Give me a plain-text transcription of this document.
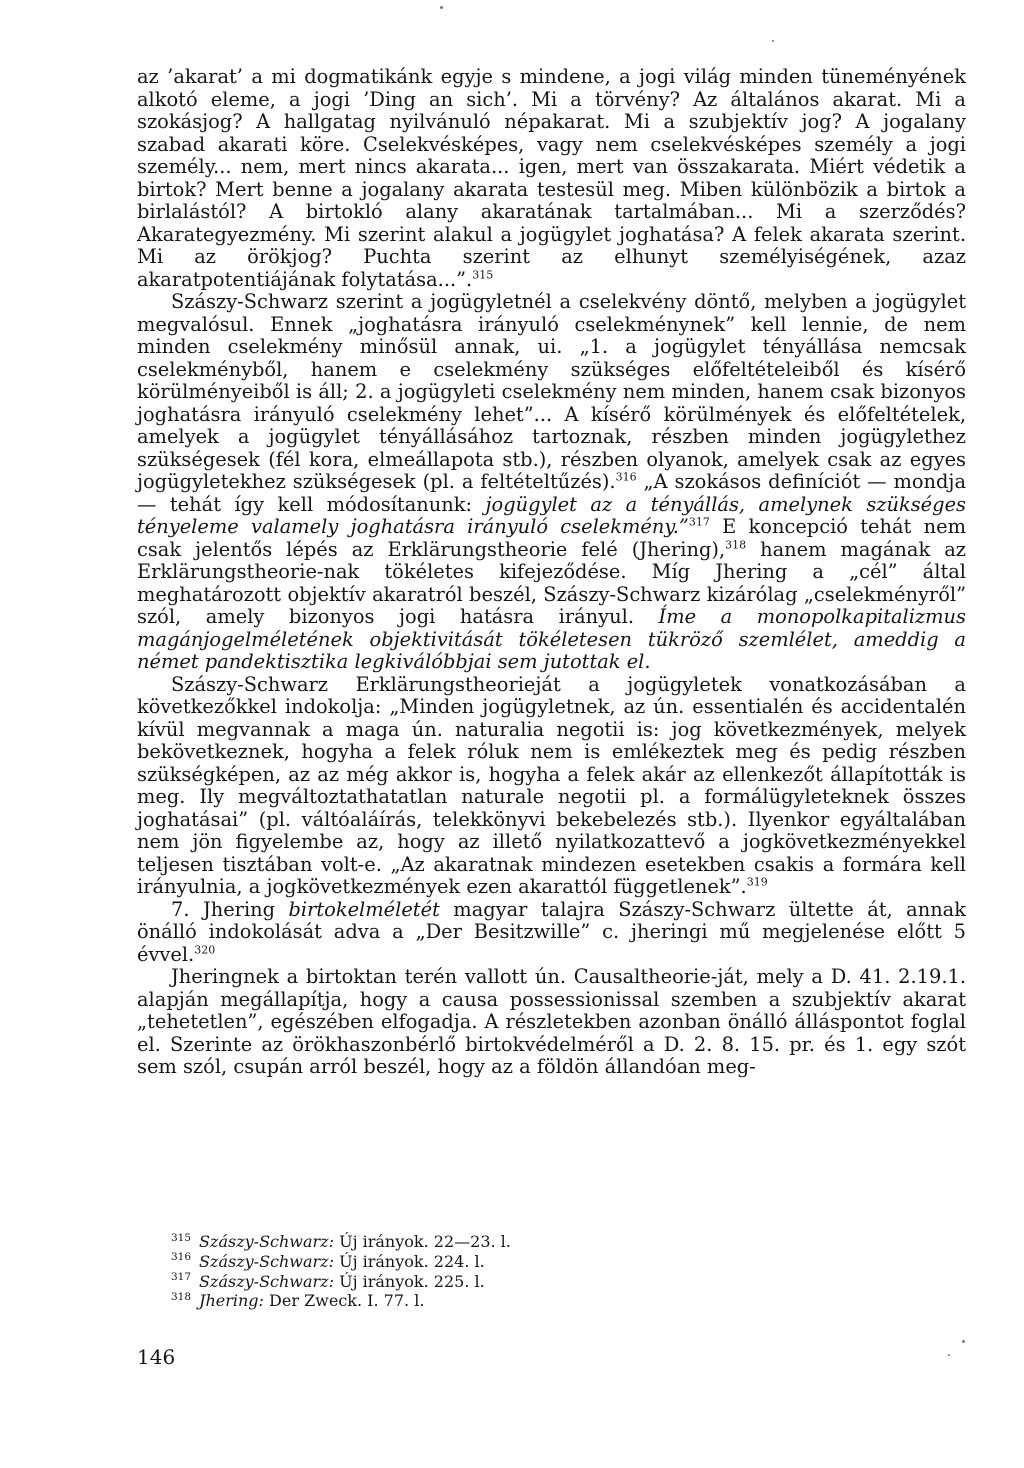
az ’akarat’ a mi dogmatikánk egyje s mindene, a jogi világ minden tüneményének alkotó eleme, a jogi ’Ding an sich’. Mi a törvény? Az általános akarat. Mi a szokásjog? A hallgatag nyilvánuló népakarat. Mi a szubjektív jog? A jogalany szabad akarati köre. Cselekvésképes, vagy nem cselekvésképes személy a jogi személy... nem, mert nincs akarata... igen, mert van összakarata. Miért védetik a birtok? Mert benne a jogalany akarata testesül meg. Miben különbözik a birtok a birlalástól? A birtokló alany akaratának tartalmában... Mi a szerződés? Akarategyezmény. Mi szerint alakul a jogügylet joghatása? A felek akarata szerint. Mi az örökjog? Puchta szerint az elhunyt személyiségének, azaz akaratpotentiájának folytatása...”.$^{315}$

Szászy-Schwarz szerint a jogügyletnél a cselekvény döntő, melyben a jogügylet megvalósul. Ennek „joghatásra irányuló cselekménynek” kell lennie, de nem minden cselekmény minősül annak, ui. „1. a jogügylet tényállása nemcsak cselekményből, hanem e cselekmény szükséges előfeltételeiből és kísérő körülményeiből is áll; 2. a jogügyleti cselekmény nem minden, hanem csak bizonyos joghatásra irányuló cselekmény lehet”... A kísérő körülmények és előfeltételek, amelyek a jogügylet tényállásához tartoznak, részben minden jogügylethez szükségesek (fél kora, elmeállapota stb.), részben olyanok, amelyek csak az egyes jogügyletekhez szükségesek (pl. a feltételtűzés).$^{316}$ „A szokásos definíciót — mondja — tehát így kell módosítanunk: jogügylet az a tényállás, amelynek szükséges tényeleme valamely joghatásra irányuló cselekmény.”$^{317}$ E koncepció tehát nem csak jelentős lépés az Erklärungstheorie felé (Jhering),$^{318}$ hanem magának az Erklärungstheorie-nak tökéletes kifejeződése. Míg Jhering a „cél” által meghatározott objektív akaratról beszél, Szászy-Schwarz kizárólag „cselekményről” szól, amely bizonyos jogi hatásra irányul. Íme a monopolkapitalizmus magánjogelméletének objektivitását tökéletesen tükröző szemlélet, ameddig a német pandektisztika legkiválóbbjai sem jutottak el.

Szászy-Schwarz Erklärungstheorieját a jogügyletek vonatkozásában a következőkkel indokolja: „Minden jogügyletnek, az ún. essentialén és accidentalén kívül megvannak a maga ún. naturalia negotii is: jog következmények, melyek bekövetkeznek, hogyha a felek róluk nem is emlékeztek meg és pedig részben szükségképen, az az még akkor is, hogyha a felek akár az ellenkezőt állapították is meg. Ily megváltoztathatatlan naturale negotii pl. a formálügyleteknek összes joghatásai” (pl. váltóaláírás, telekkönyvi bekebelezés stb.). Ilyenkor egyáltalában nem jön figyelembe az, hogy az illető nyilatkozattevő a jogkövetkezményekkel teljesen tisztában volt-e. „Az akaratnak mindezen esetekben csakis a formára kell irányulnia, a jogkövetkezmények ezen akarattól függetlenek”.$^{319}$

7. Jhering birtokelméletét magyar talajra Szászy-Schwarz ültette át, annak önálló indokolását adva a „Der Besitzwille” c. jheringi mű megjelenése előtt 5 évvel.$^{320}$

Jheringnek a birtoktan terén vallott ún. Causaltheorie-ját, mely a D. 41. 2.19.1. alapján megállapítja, hogy a causa possessionissal szemben a szubjektív akarat „tehetetlen”, egészében elfogadja. A részletekben azonban önálló álláspontot foglal el. Szerinte az örökhaszonbérlő birtokvédelméről a D. 2. 8. 15. pr. és 1. egy szót sem szól, csupán arról beszél, hogy az a földön állandóan meg-

$^{315}$ Szászy-Schwarz: Új irányok. 22—23. l.
$^{316}$ Szászy-Schwarz: Új irányok. 224. l.
$^{317}$ Szászy-Schwarz: Új irányok. 225. l.
$^{318}$ Jhering: Der Zweck. I. 77. l.
146
